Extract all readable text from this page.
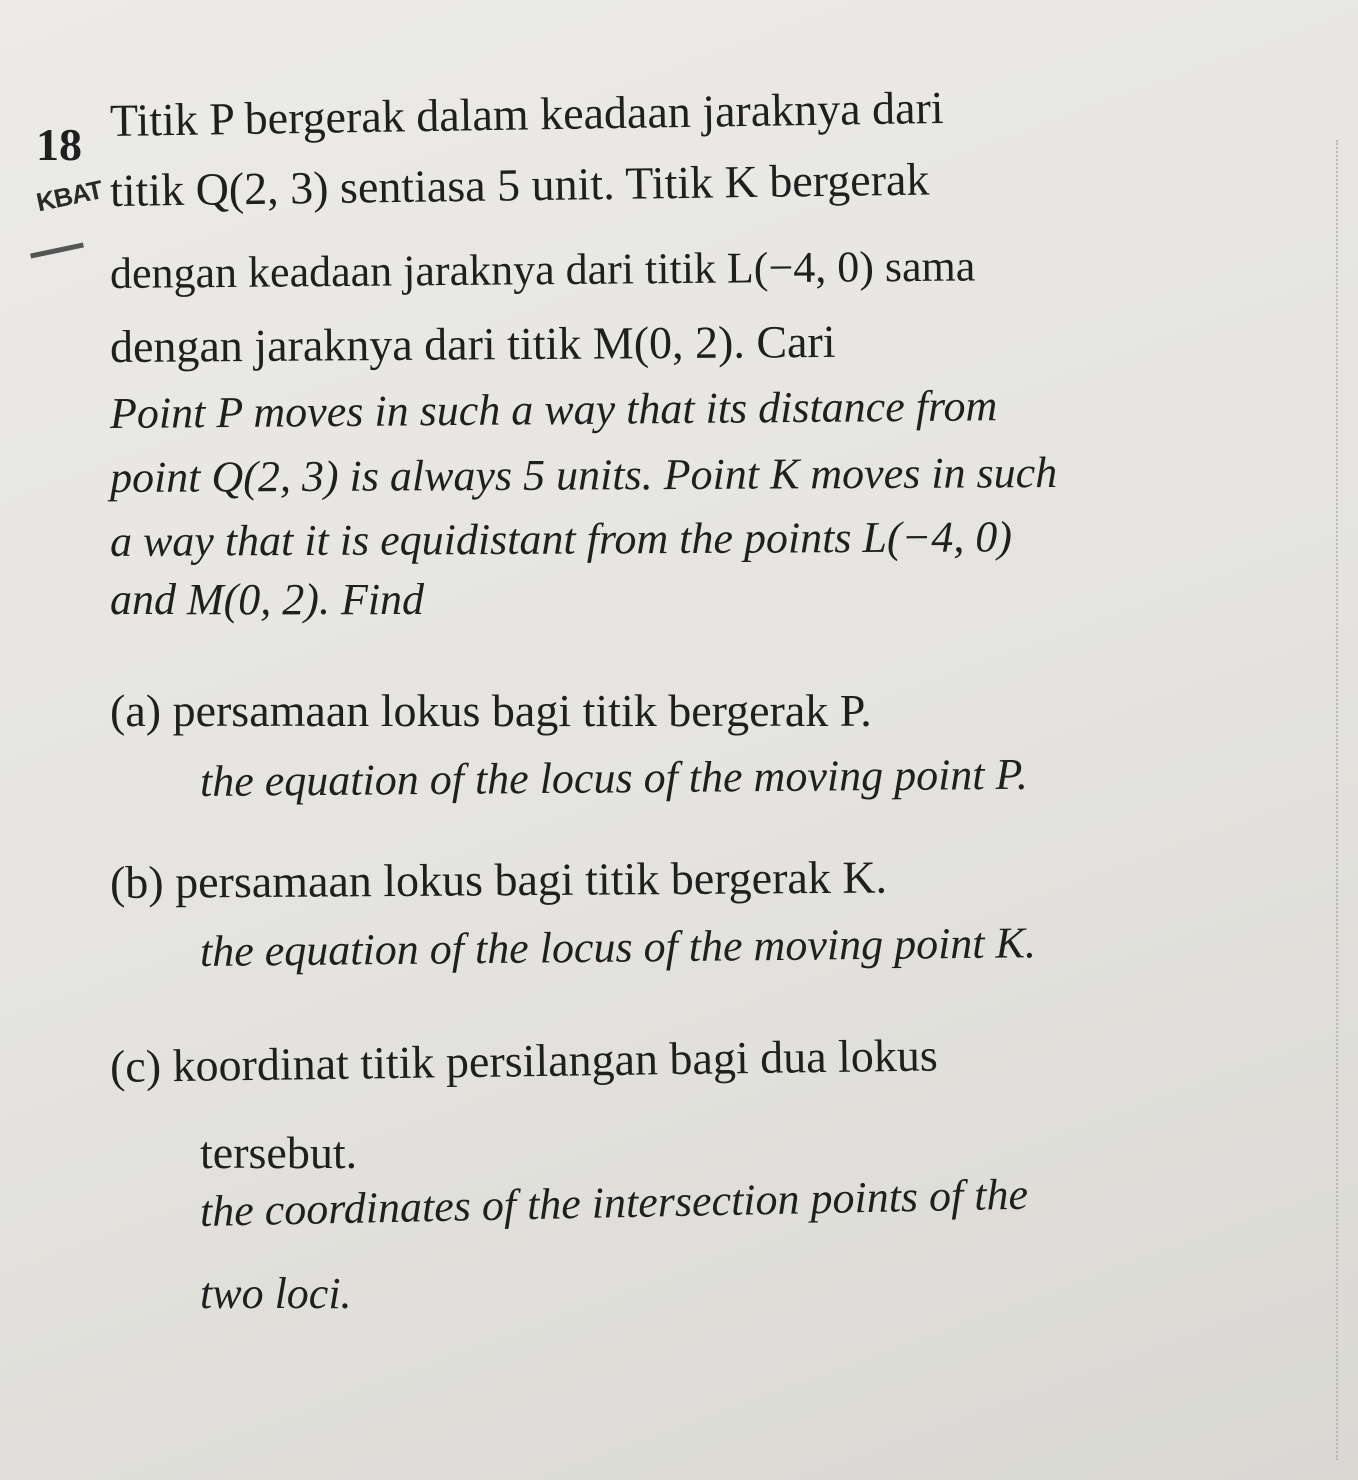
18
KBAT
Titik P bergerak dalam keadaan jaraknya dari
titik Q(2, 3) sentiasa 5 unit. Titik K bergerak
dengan keadaan jaraknya dari titik L(−4, 0) sama
dengan jaraknya dari titik M(0, 2). Cari
Point P moves in such a way that its distance from
point Q(2, 3) is always 5 units. Point K moves in such
a way that it is equidistant from the points L(−4, 0)
and M(0, 2). Find
(a) persamaan lokus bagi titik bergerak P.
the equation of the locus of the moving point P.
(b) persamaan lokus bagi titik bergerak K.
the equation of the locus of the moving point K.
(c) koordinat titik persilangan bagi dua lokus
tersebut.
the coordinates of the intersection points of the
two loci.
